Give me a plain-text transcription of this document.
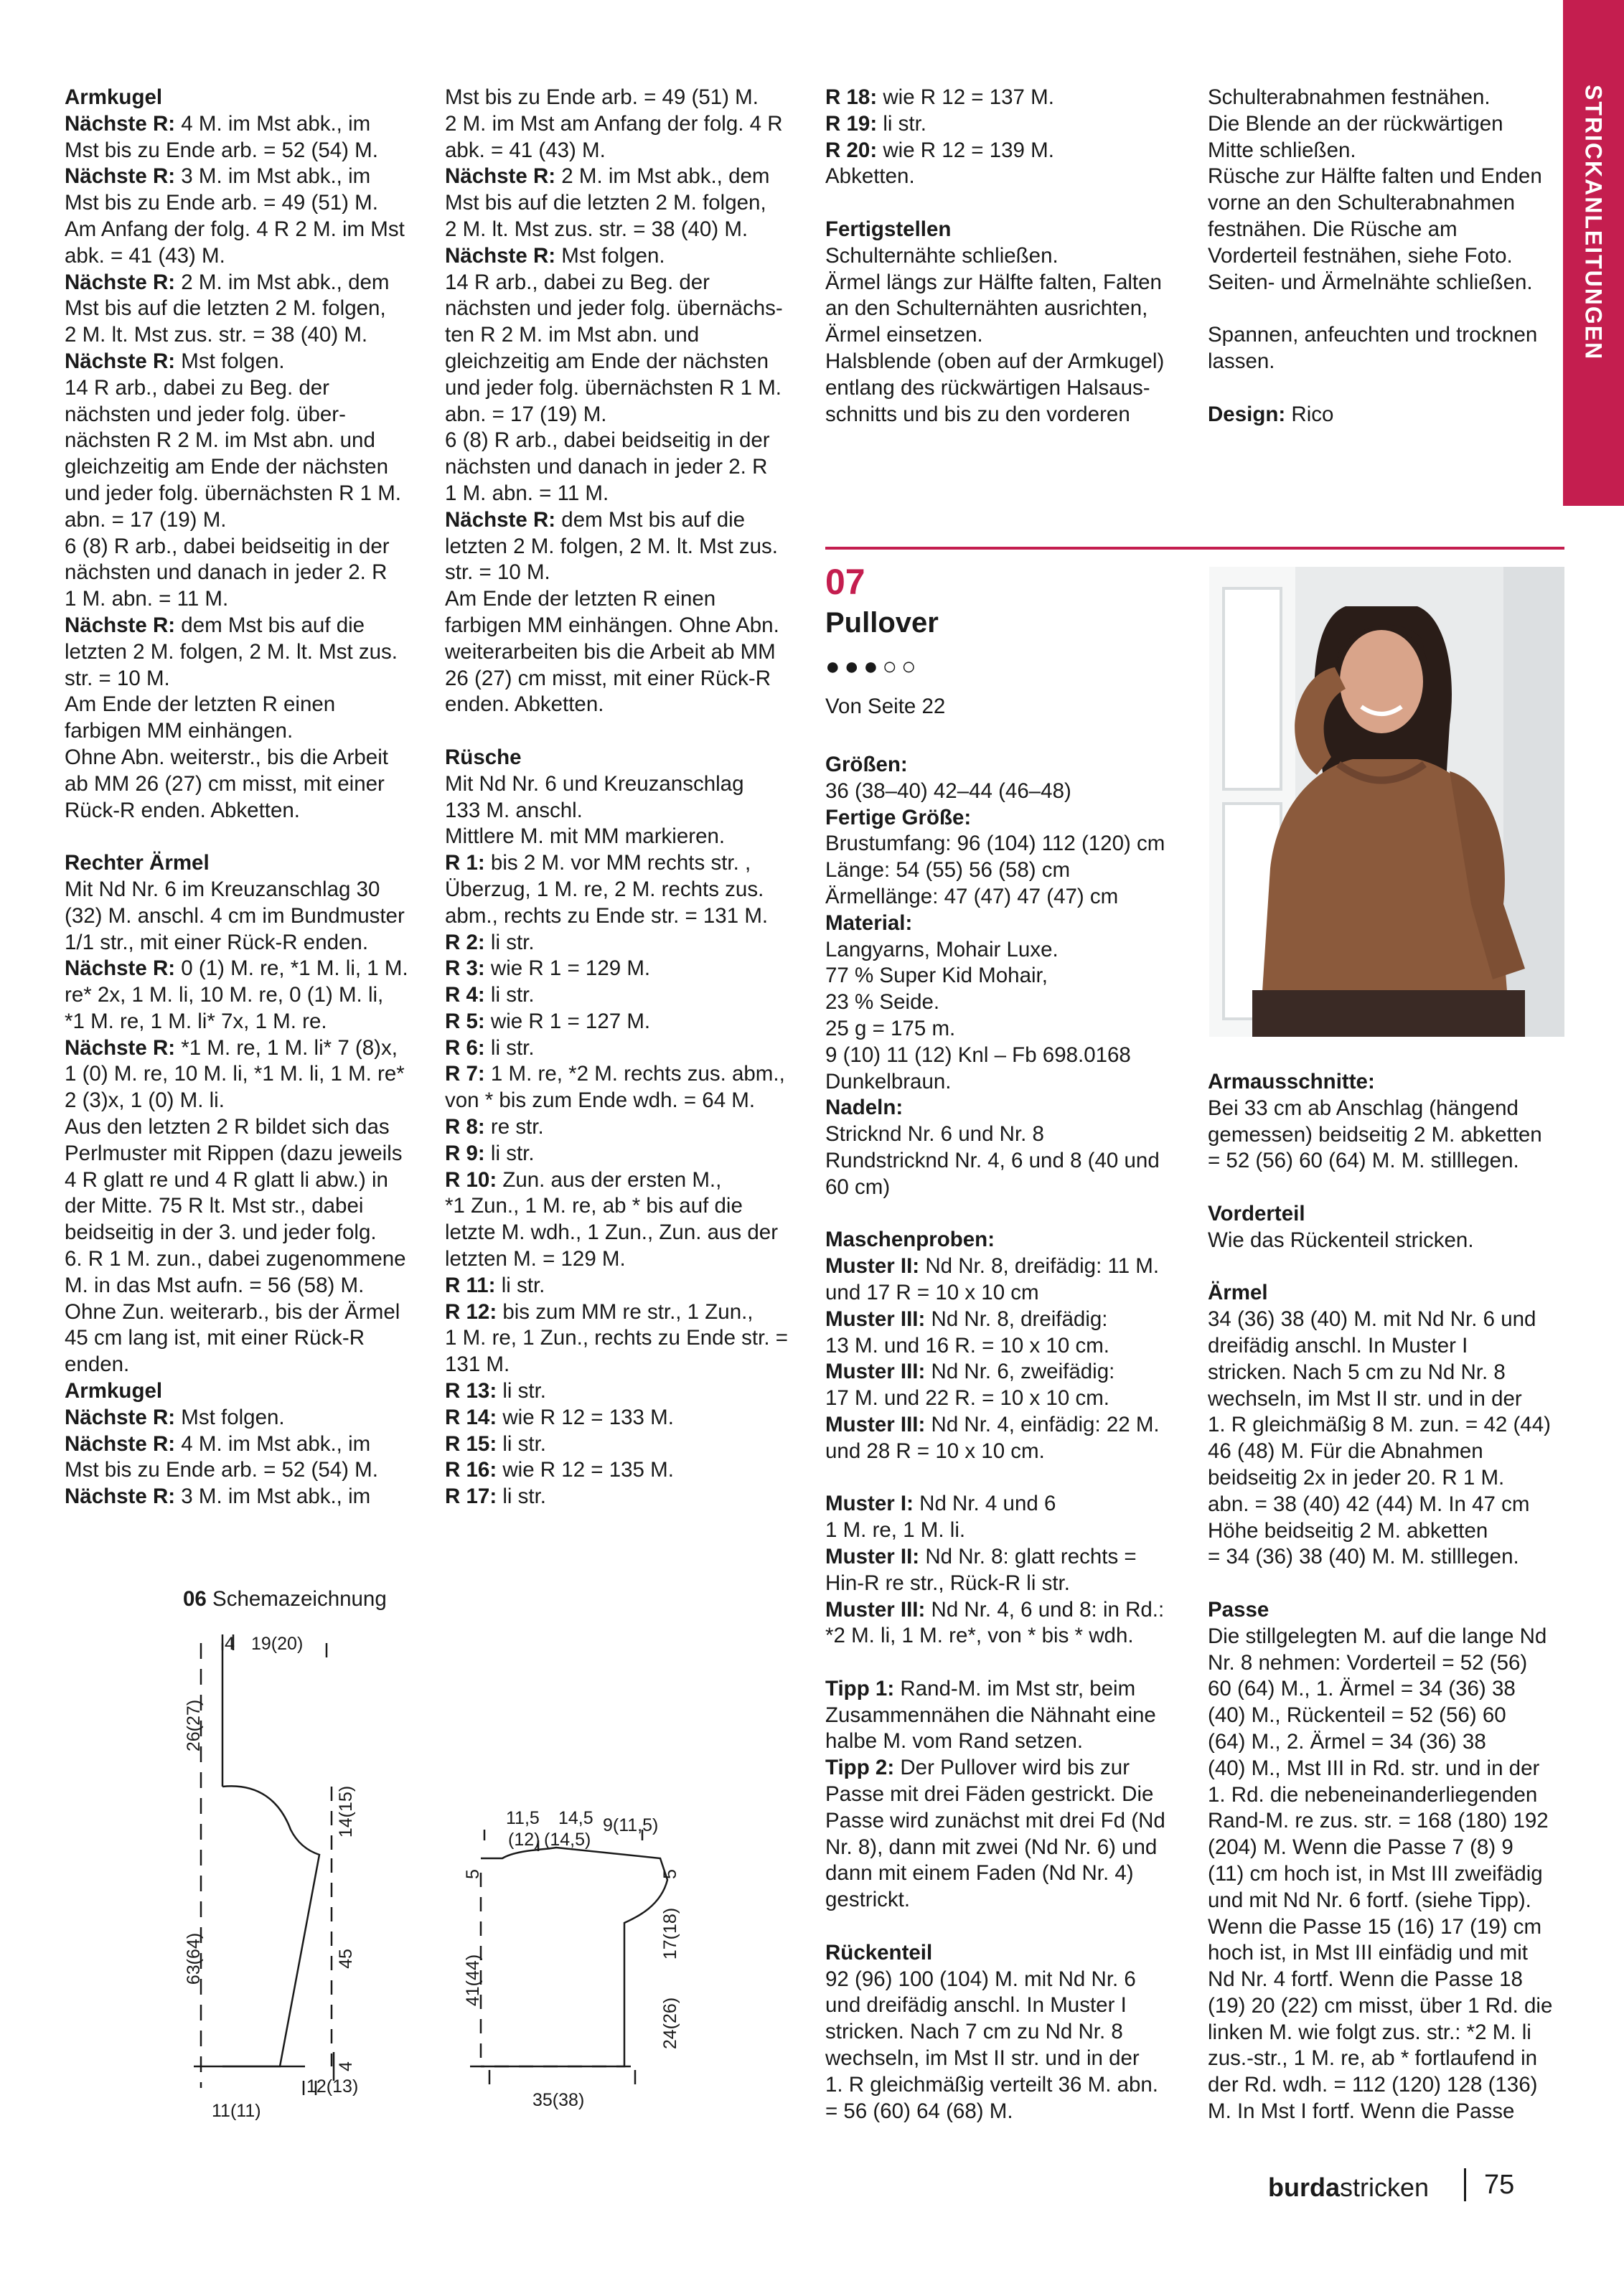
STRICKANLEITUNGEN

Armkugel

Nächste R: 4 M. im Mst abk., im

Mst bis zu Ende arb. = 52 (54) M.

Nächste R: 3 M. im Mst abk., im

Mst bis zu Ende arb. = 49 (51) M.

Am Anfang der folg. 4 R 2 M. im Mst

abk. = 41 (43) M.

Nächste R: 2 M. im Mst abk., dem

Mst bis auf die letzten 2 M. folgen,

2 M. lt. Mst zus. str. = 38 (40) M.

Nächste R: Mst folgen.

14 R arb., dabei zu Beg. der

nächsten und jeder folg. über-

nächsten R 2 M. im Mst abn. und

gleichzeitig am Ende der nächsten

und jeder folg. übernächsten R 1 M.

abn. = 17 (19) M.

6 (8) R arb., dabei beidseitig in der

nächsten und danach in jeder 2. R

1 M. abn. = 11 M.

Nächste R: dem Mst bis auf die

letzten 2 M. folgen, 2 M. lt. Mst zus.

str. = 10 M.

Am Ende der letzten R einen

farbigen MM einhängen.

Ohne Abn. weiterstr., bis die Arbeit

ab MM 26 (27) cm misst, mit einer

Rück-R enden. Abketten.

Rechter Ärmel

Mit Nd Nr. 6 im Kreuzanschlag 30

(32) M. anschl. 4 cm im Bundmuster

1/1 str., mit einer Rück-R enden.

Nächste R: 0 (1) M. re, *1 M. li, 1 M.

re* 2x, 1 M. li, 10 M. re, 0 (1) M. li,

*1 M. re, 1 M. li* 7x, 1 M. re.

Nächste R: *1 M. re, 1 M. li* 7 (8)x,

1 (0) M. re, 10 M. li, *1 M. li, 1 M. re*

2 (3)x, 1 (0) M. li.

Aus den letzten 2 R bildet sich das

Perlmuster mit Rippen (dazu jeweils

4 R glatt re und 4 R glatt li abw.) in

der Mitte. 75 R lt. Mst str., dabei

beidseitig in der 3. und jeder folg.

6. R 1 M. zun., dabei zugenommene

M. in das Mst aufn. = 56 (58) M.

Ohne Zun. weiterarb., bis der Ärmel

45 cm lang ist, mit einer Rück-R

enden.

Armkugel

Nächste R: Mst folgen.

Nächste R: 4 M. im Mst abk., im

Mst bis zu Ende arb. = 52 (54) M.

Nächste R: 3 M. im Mst abk., im

Mst bis zu Ende arb. = 49 (51) M.

2 M. im Mst am Anfang der folg. 4 R

abk. = 41 (43) M.

Nächste R: 2 M. im Mst abk., dem

Mst bis auf die letzten 2 M. folgen,

2 M. lt. Mst zus. str. = 38 (40) M.

Nächste R: Mst folgen.

14 R arb., dabei zu Beg. der

nächsten und jeder folg. übernächs-

ten R 2 M. im Mst abn. und

gleichzeitig am Ende der nächsten

und jeder folg. übernächsten R 1 M.

abn. = 17 (19) M.

6 (8) R arb., dabei beidseitig in der

nächsten und danach in jeder 2. R

1 M. abn. = 11 M.

Nächste R: dem Mst bis auf die

letzten 2 M. folgen, 2 M. lt. Mst zus.

str. = 10 M.

Am Ende der letzten R einen

farbigen MM einhängen. Ohne Abn.

weiterarbeiten bis die Arbeit ab MM

26 (27) cm misst, mit einer Rück-R

enden. Abketten.

Rüsche

Mit Nd Nr. 6 und Kreuzanschlag

133 M. anschl.

Mittlere M. mit MM markieren.

R 1: bis 2 M. vor MM rechts str. ,

Überzug, 1 M. re, 2 M. rechts zus.

abm., rechts zu Ende str. = 131 M.

R 2: li str.

R 3: wie R 1 = 129 M.

R 4: li str.

R 5: wie R 1 = 127 M.

R 6: li str.

R 7: 1 M. re, *2 M. rechts zus. abm.,

von * bis zum Ende wdh. = 64 M.

R 8: re str.

R 9: li str.

R 10: Zun. aus der ersten M.,

*1 Zun., 1 M. re, ab * bis auf die

letzte M. wdh., 1 Zun., Zun. aus der

letzten M. = 129 M.

R 11: li str.

R 12: bis zum MM re str., 1 Zun.,

1 M. re, 1 Zun., rechts zu Ende str. =

131 M.

R 13: li str.

R 14: wie R 12 = 133 M.

R 15: li str.

R 16: wie R 12 = 135 M.

R 17: li str.

R 18: wie R 12 = 137 M.

R 19: li str.

R 20: wie R 12 = 139 M.

Abketten.

Fertigstellen

Schulternähte schließen.

Ärmel längs zur Hälfte falten, Falten

an den Schulternähten ausrichten,

Ärmel einsetzen.

Halsblende (oben auf der Armkugel)

entlang des rückwärtigen Halsaus-

schnitts und bis zu den vorderen

Schulterabnahmen festnähen.

Die Blende an der rückwärtigen

Mitte schließen.

Rüsche zur Hälfte falten und Enden

vorne an den Schulterabnahmen

festnähen. Die Rüsche am

Vorderteil festnähen, siehe Foto.

Seiten- und Ärmelnähte schließen.

Spannen, anfeuchten und trocknen

lassen.

Design: Rico

07
Pullover
●●●○○
Von Seite 22

Größen:

36 (38–40) 42–44 (46–48)

Fertige Größe:

Brustumfang: 96 (104) 112 (120) cm

Länge: 54 (55) 56 (58) cm

Ärmellänge: 47 (47) 47 (47) cm

Material:

Langyarns, Mohair Luxe.

77 % Super Kid Mohair,

23 % Seide.

25 g = 175 m.

9 (10) 11 (12) Knl – Fb 698.0168

Dunkelbraun.

Nadeln:

Stricknd Nr. 6 und Nr. 8

Rundstricknd Nr. 4, 6 und 8 (40 und

60 cm)

Maschenproben:

Muster II: Nd Nr. 8, dreifädig: 11 M.

und 17 R = 10 x 10 cm

Muster III: Nd Nr. 8, dreifädig:

13 M. und 16 R. = 10 x 10 cm.

Muster III: Nd Nr. 6, zweifädig:

17 M. und 22 R. = 10 x 10 cm.

Muster III: Nd Nr. 4, einfädig: 22 M.

und 28 R = 10 x 10 cm.

Muster I: Nd Nr. 4 und 6

1 M. re, 1 M. li.

Muster II: Nd Nr. 8: glatt rechts =

Hin-R re str., Rück-R li str.

Muster III: Nd Nr. 4, 6 und 8: in Rd.:

*2 M. li, 1 M. re*, von * bis * wdh.

Tipp 1: Rand-M. im Mst str, beim

Zusammennähen die Nähnaht eine

halbe M. vom Rand setzen.

Tipp 2: Der Pullover wird bis zur

Passe mit drei Fäden gestrickt. Die

Passe wird zunächst mit drei Fd (Nd

Nr. 8), dann mit zwei (Nd Nr. 6) und

dann mit einem Faden (Nd Nr. 4)

gestrickt.

Rückenteil

92 (96) 100 (104) M. mit Nd Nr. 6

und dreifädig anschl. In Muster I

stricken. Nach 7 cm zu Nd Nr. 8

wechseln, im Mst II str. und in der

1. R gleichmäßig verteilt 36 M. abn.

= 56 (60) 64 (68) M.

Armausschnitte:

Bei 33 cm ab Anschlag (hängend

gemessen) beidseitig 2 M. abketten

= 52 (56) 60 (64) M. M. stilllegen.

Vorderteil

Wie das Rückenteil stricken.

Ärmel

34 (36) 38 (40) M. mit Nd Nr. 6 und

dreifädig anschl. In Muster I

stricken. Nach 5 cm zu Nd Nr. 8

wechseln, im Mst II str. und in der

1. R gleichmäßig 8 M. zun. = 42 (44)

46 (48) M. Für die Abnahmen

beidseitig 2x in jeder 20. R 1 M.

abn. = 38 (40) 42 (44) M. In 47 cm

Höhe beidseitig 2 M. abketten

= 34 (36) 38 (40) M. M. stilllegen.

Passe

Die stillgelegten M. auf die lange Nd

Nr. 8 nehmen: Vorderteil = 52 (56)

60 (64) M., 1. Ärmel = 34 (36) 38

(40) M., Rückenteil = 52 (56) 60

(64) M., 2. Ärmel = 34 (36) 38

(40) M., Mst III in Rd. str. und in der

1. Rd. die nebeneinanderliegenden

Rand-M. re zus. str. = 168 (180) 192

(204) M. Wenn die Passe 7 (8) 9

(11) cm hoch ist, in Mst III zweifädig

und mit Nd Nr. 6 fortf. (siehe Tipp).

Wenn die Passe 15 (16) 17 (19) cm

hoch ist, in Mst III einfädig und mit

Nd Nr. 4 fortf. Wenn die Passe 18

(19) 20 (22) cm misst, über 1 Rd. die

linken M. wie folgt zus. str.: *2 M. li

zus.-str., 1 M. re, ab * fortlaufend in

der Rd. wdh. = 112 (120) 128 (136)

M. In Mst I fortf. Wenn die Passe

06 Schemazeichnung
4 19(20)
26(27)
14(15)
63(64)	45
4
12(13)
11(11)
11,5
(12)
14,5
(14,5)
9(11,5)
5	5
41(44)
17(18)
24(26)
35(38)
burdastricken 75
